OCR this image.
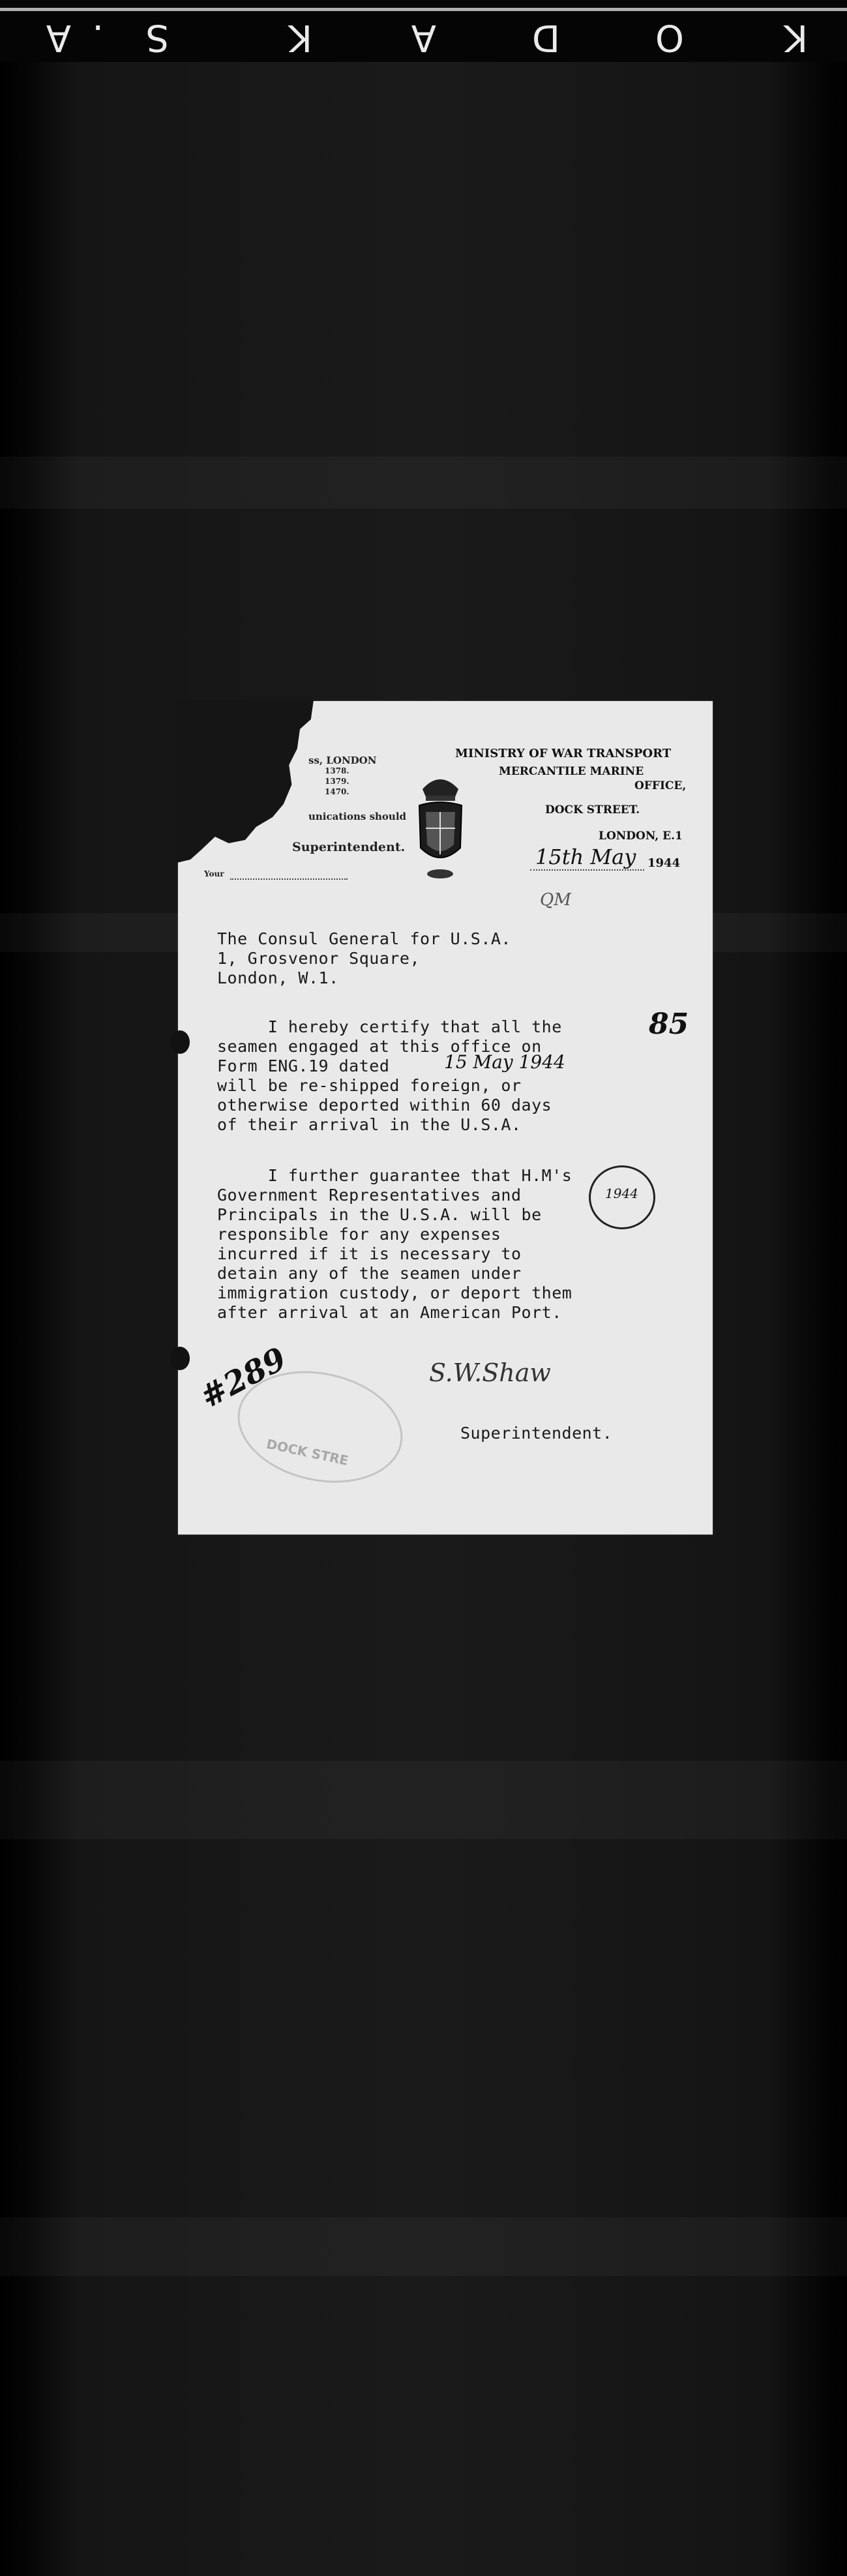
K
O
D
A
K
S
.
A
ss, LONDON
1378.
1379.
1470.
unications should
Superintendent.
Your
MINISTRY OF WAR TRANSPORT
MERCANTILE MARINE
OFFICE,
DOCK STREET.
LONDON, E.1
15th May 1944
QM
The Consul General for U.S.A.
1, Grosvenor Square,
London, W.1.
85
I hereby certify that all the
seamen engaged at this office on
Form ENG.19 dated	15 May 1944
will be re-shipped foreign, or
otherwise deported within 60 days
of their arrival in the U.S.A.
I further guarantee that H.M's
Government Representatives and
Principals in the U.S.A. will be
responsible for any expenses
incurred if it is necessary to
detain any of the seamen under
immigration custody, or deport them
after arrival at an American Port.
1944
#289	S.W.Shaw
Superintendent.
DOCK STRE
